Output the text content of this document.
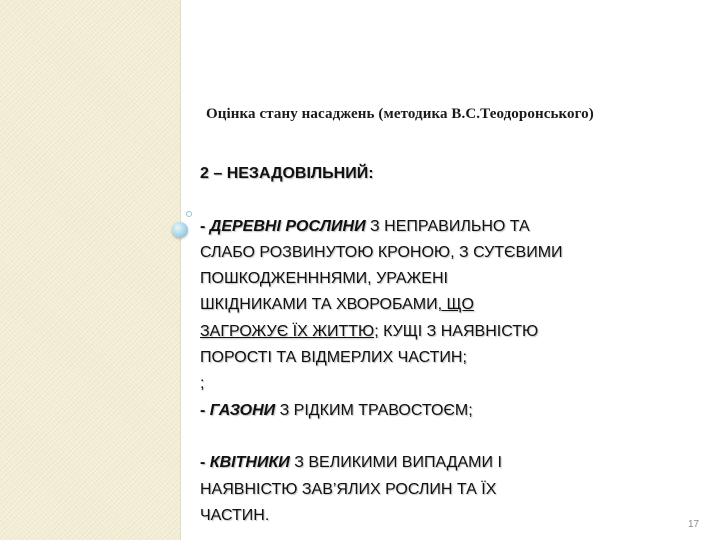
Оцінка стану насаджень (методика В.С.Теодоронського)
2 – НЕЗАДОВІЛЬНИЙ:
- ДЕРЕВНІ РОСЛИНИ З НЕПРАВИЛЬНО ТА
СЛАБО РОЗВИНУТОЮ КРОНОЮ, З СУТЄВИМИ
ПОШКОДЖЕНННЯМИ, УРАЖЕНІ
ШКІДНИКАМИ ТА ХВОРОБАМИ, ЩО
ЗАГРОЖУЄ ЇХ ЖИТТЮ; КУЩІ З НАЯВНІСТЮ
ПОРОСТІ ТА ВІДМЕРЛИХ ЧАСТИН;
;
- ГАЗОНИ З РІДКИМ ТРАВОСТОЄМ;
- КВІТНИКИ З ВЕЛИКИМИ ВИПАДАМИ І
НАЯВНІСТЮ ЗАВ’ЯЛИХ РОСЛИН ТА ЇХ
ЧАСТИН.
17
